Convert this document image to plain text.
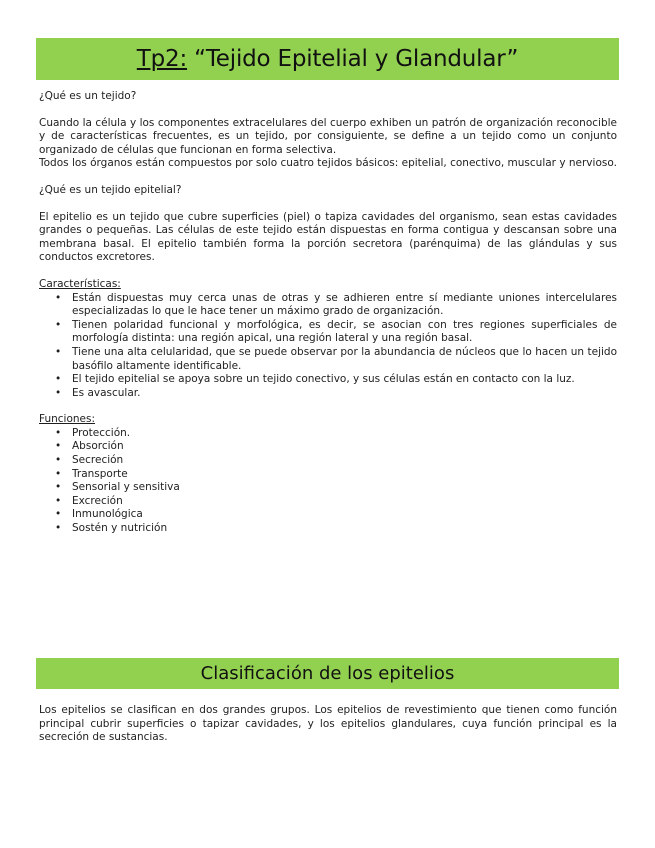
Tp2: “Tejido Epitelial y Glandular”

¿Qué es un tejido?

Cuando la célula y los componentes extracelulares del cuerpo exhiben un patrón de organización reconocible y de características frecuentes, es un tejido, por consiguiente, se define a un tejido como un conjunto organizado de células que funcionan en forma selectiva.

Todos los órganos están compuestos por solo cuatro tejidos básicos: epitelial, conectivo, muscular y nervioso.

¿Qué es un tejido epitelial?

El epitelio es un tejido que cubre superficies (piel) o tapiza cavidades del organismo, sean estas cavidades grandes o pequeñas. Las células de este tejido están dispuestas en forma contigua y descansan sobre una membrana basal. El epitelio también forma la porción secretora (parénquima) de las glándulas y sus conductos excretores.

Características:

• Están dispuestas muy cerca unas de otras y se adhieren entre sí mediante uniones intercelulares especializadas lo que le hace tener un máximo grado de organización.
• Tienen polaridad funcional y morfológica, es decir, se asocian con tres regiones superficiales de morfología distinta: una región apical, una región lateral y una región basal.
• Tiene una alta celularidad, que se puede observar por la abundancia de núcleos que lo hacen un tejido basófilo altamente identificable.
• El tejido epitelial se apoya sobre un tejido conectivo, y sus células están en contacto con la luz.
• Es avascular.

Funciones:

• Protección.
• Absorción
• Secreción
• Transporte
• Sensorial y sensitiva
• Excreción
• Inmunológica
• Sostén y nutrición
Clasificación de los epitelios

Los epitelios se clasifican en dos grandes grupos. Los epitelios de revestimiento que tienen como función principal cubrir superficies o tapizar cavidades, y los epitelios glandulares, cuya función principal es la secreción de sustancias.
